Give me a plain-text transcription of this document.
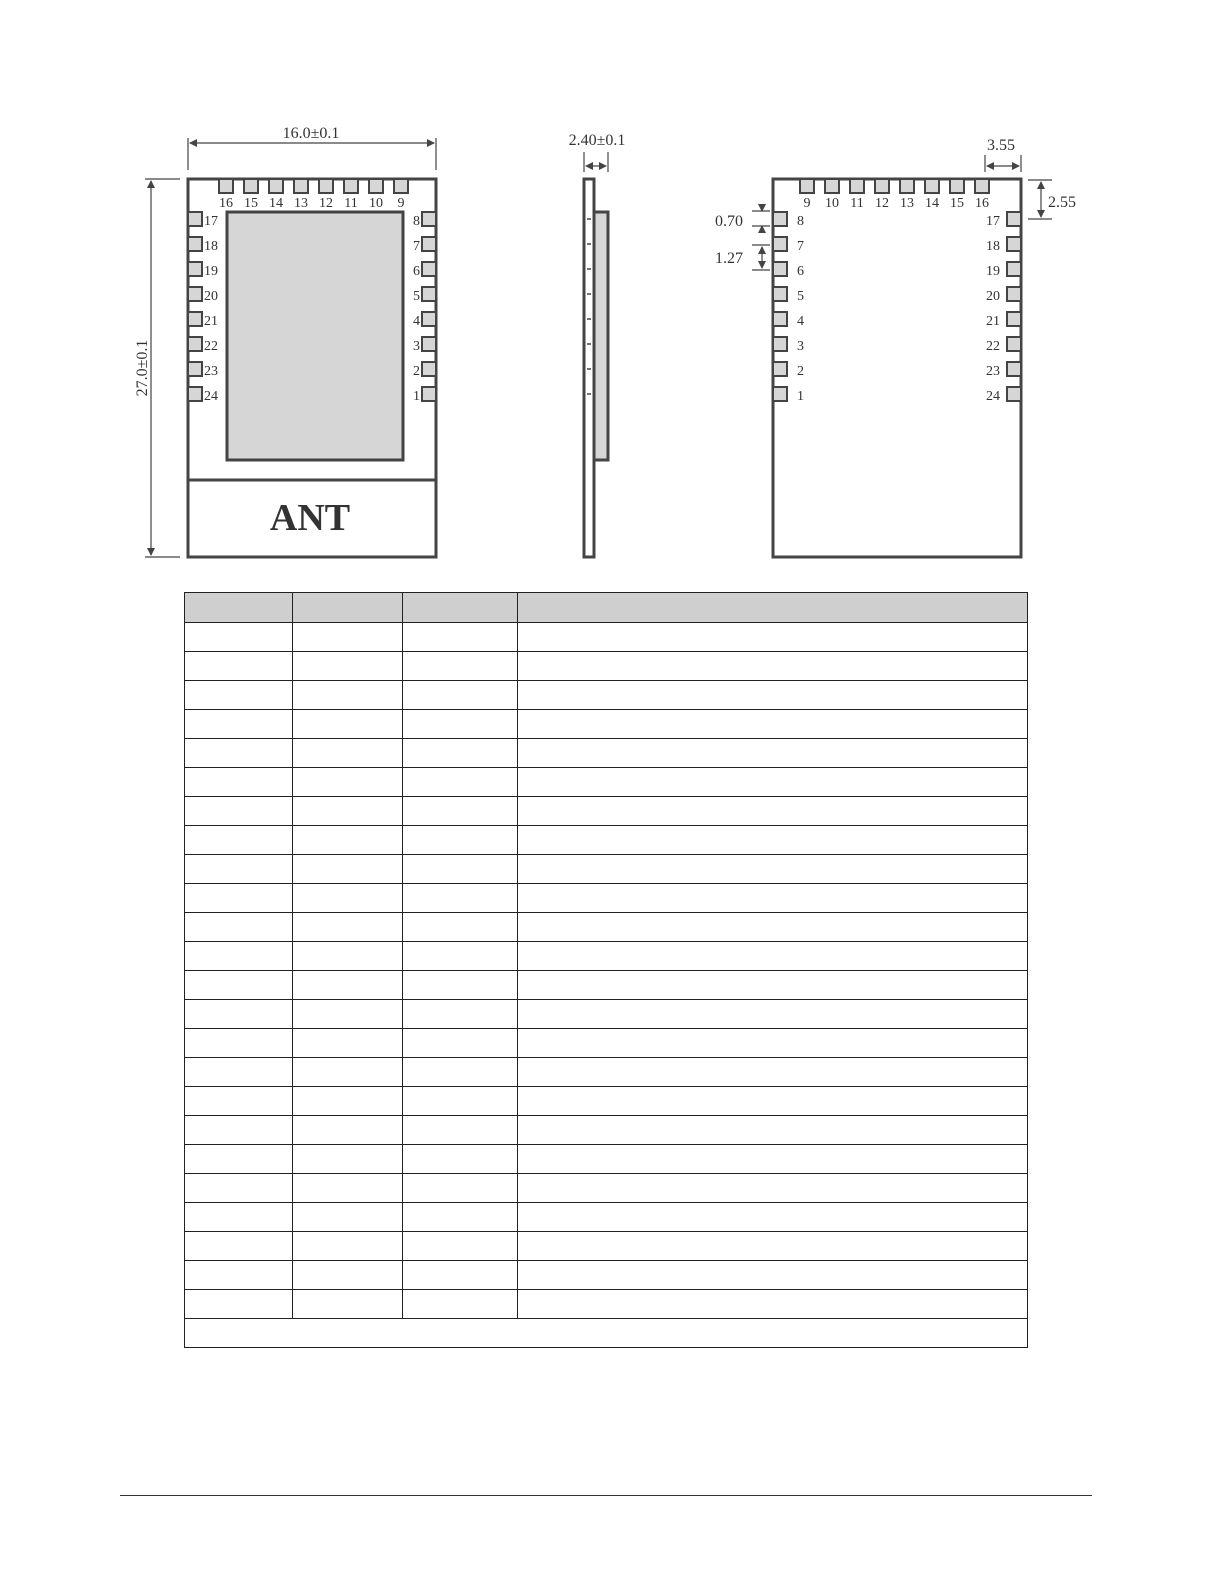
16 15 14 13 12 11 10 9
17
18
19
20
21
22
23
24
8
7
6
5
4
3
2
1
ANT
16.0±0.1
27.0±0.1
2.40±0.1
9 10 11 12 13 14 15 16
8
7
6
5
4
3
2
1
17
18
19
20
21
22
23
24
3.55
2.55
0.70
1.27
